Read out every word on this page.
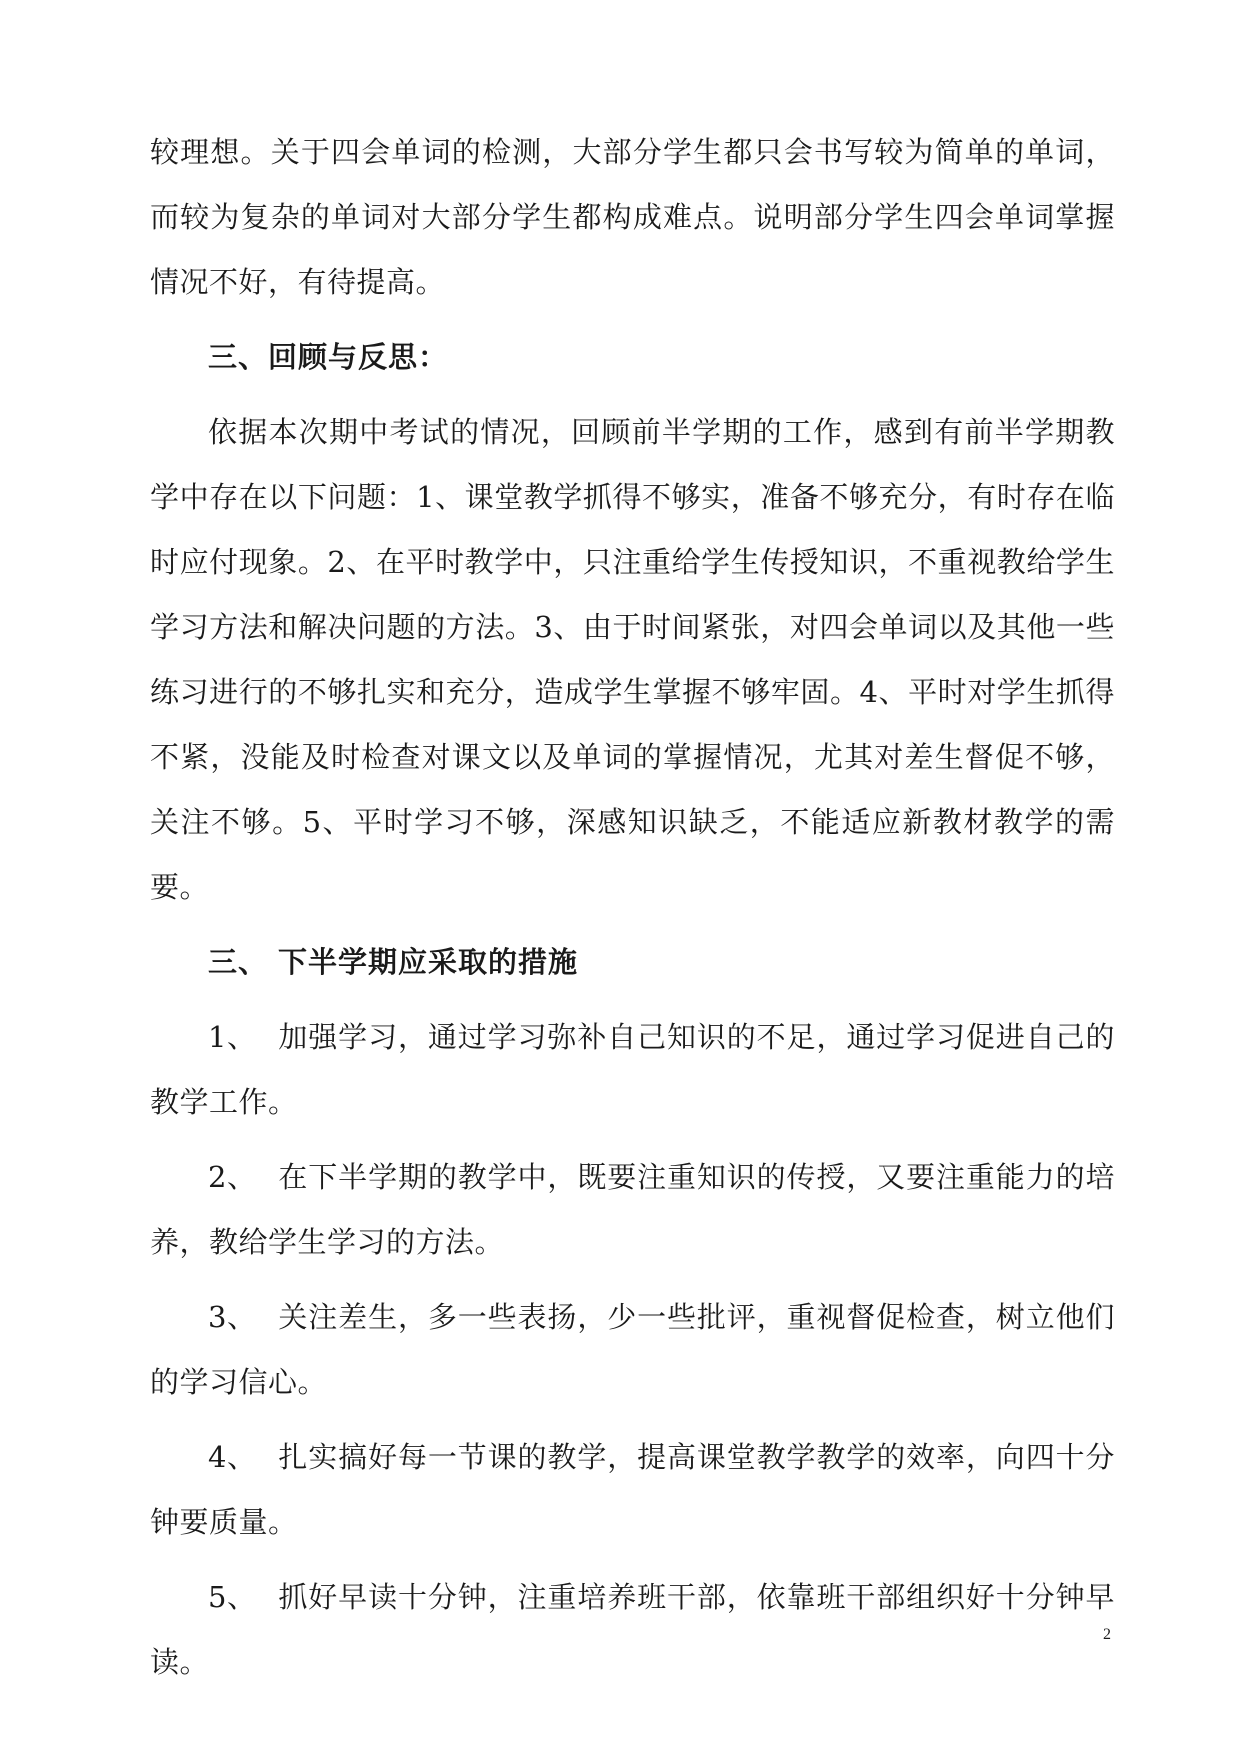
较理想。关于四会单词的检测，大部分学生都只会书写较为简单的单词，而较为复杂的单词对大部分学生都构成难点。说明部分学生四会单词掌握情况不好，有待提高。

三、回顾与反思：

依据本次期中考试的情况，回顾前半学期的工作，感到有前半学期教学中存在以下问题：1、课堂教学抓得不够实，准备不够充分，有时存在临时应付现象。2、在平时教学中，只注重给学生传授知识，不重视教给学生学习方法和解决问题的方法。3、由于时间紧张，对四会单词以及其他一些练习进行的不够扎实和充分，造成学生掌握不够牢固。4、平时对学生抓得不紧，没能及时检查对课文以及单词的掌握情况，尤其对差生督促不够，关注不够。5、平时学习不够，深感知识缺乏，不能适应新教材教学的需要。

三、 下半学期应采取的措施

1、 加强学习，通过学习弥补自己知识的不足，通过学习促进自己的教学工作。

2、 在下半学期的教学中，既要注重知识的传授，又要注重能力的培养，教给学生学习的方法。

3、 关注差生，多一些表扬，少一些批评，重视督促检查，树立他们的学习信心。

4、 扎实搞好每一节课的教学，提高课堂教学教学的效率，向四十分钟要质量。

5、 抓好早读十分钟，注重培养班干部，依靠班干部组织好十分钟早读。

2
